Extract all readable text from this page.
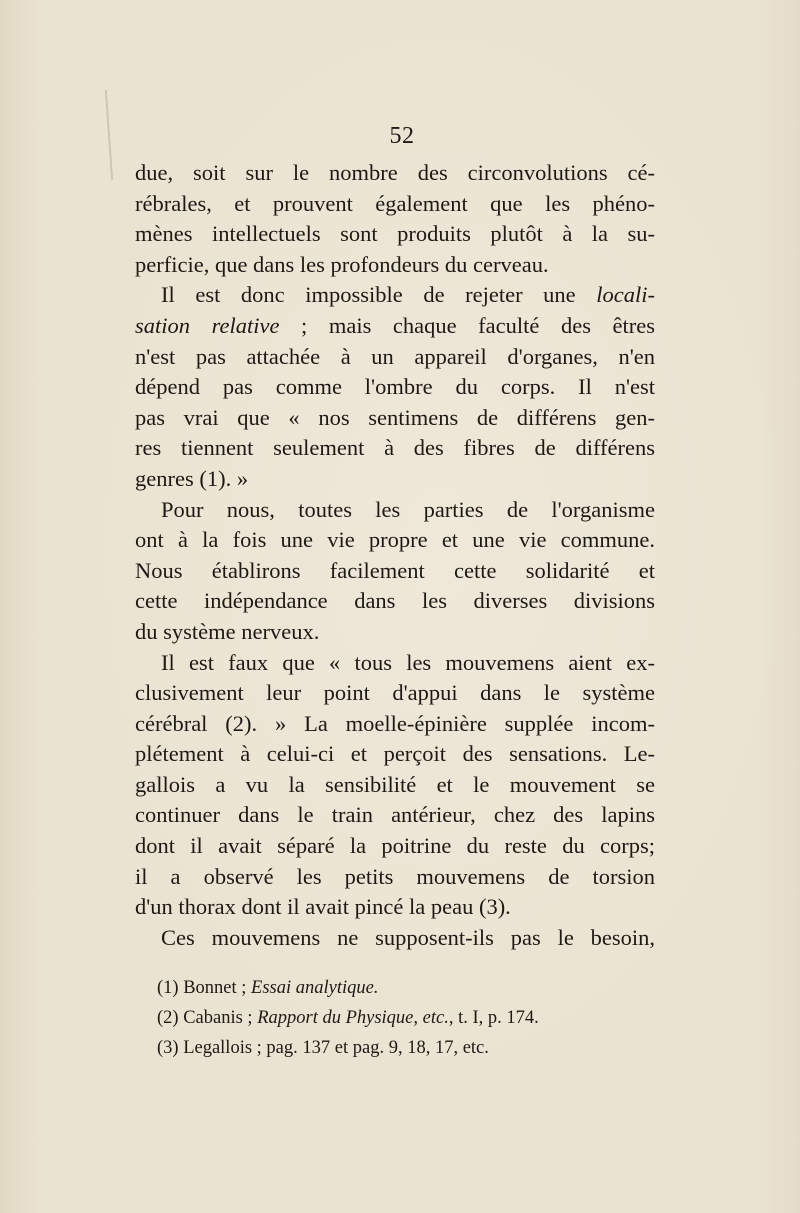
52
due, soit sur le nombre des circonvolutions cé-
rébrales, et prouvent également que les phéno-
mènes intellectuels sont produits plutôt à la su-
perficie, que dans les profondeurs du cerveau.
Il est donc impossible de rejeter une locali-
sation relative ; mais chaque faculté des êtres
n'est pas attachée à un appareil d'organes, n'en
dépend pas comme l'ombre du corps. Il n'est
pas vrai que « nos sentimens de différens gen-
res tiennent seulement à des fibres de différens
genres (1). »
Pour nous, toutes les parties de l'organisme
ont à la fois une vie propre et une vie commune.
Nous établirons facilement cette solidarité et
cette indépendance dans les diverses divisions
du système nerveux.
Il est faux que « tous les mouvemens aient ex-
clusivement leur point d'appui dans le système
cérébral (2). » La moelle-épinière supplée incom-
plétement à celui-ci et perçoit des sensations. Le-
gallois a vu la sensibilité et le mouvement se
continuer dans le train antérieur, chez des lapins
dont il avait séparé la poitrine du reste du corps;
il a observé les petits mouvemens de torsion
d'un thorax dont il avait pincé la peau (3).
Ces mouvemens ne supposent-ils pas le besoin,
(1) Bonnet ; Essai analytique.
(2) Cabanis ; Rapport du Physique, etc., t. I, p. 174.
(3) Legallois ; pag. 137 et pag. 9, 18, 17, etc.
